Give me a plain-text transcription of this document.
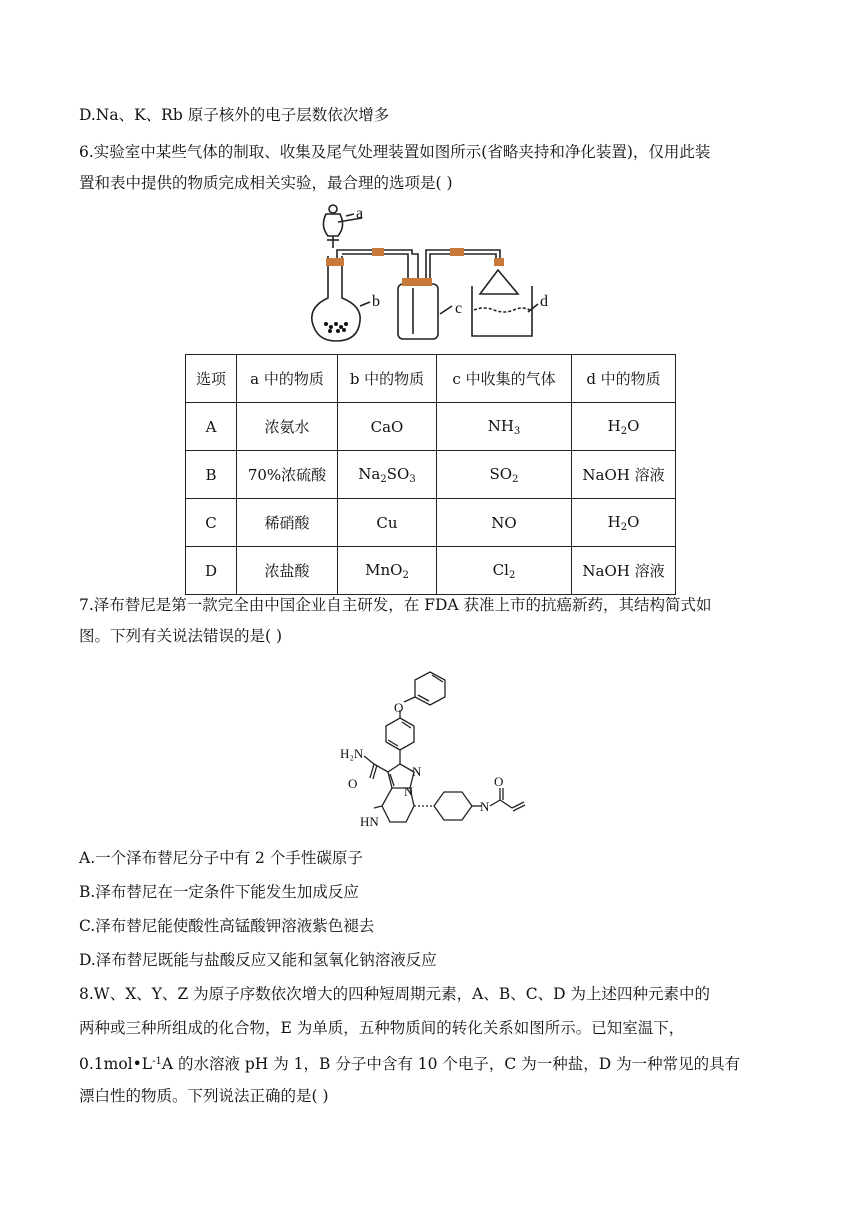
D.Na、K、Rb 原子核外的电子层数依次增多
6.实验室中某些气体的制取、收集及尾气处理装置如图所示(省略夹持和净化装置)，仅用此装
置和表中提供的物质完成相关实验，最合理的选项是( )
a
b	c	d
选项	a 中的物质	b 中的物质	c 中收集的气体	d 中的物质
A	浓氨水	CaO	$NH_3$	$H_2O$
B	70%浓硫酸	$Na_2SO_3$	$SO_2$	NaOH 溶液
C	稀硝酸	Cu	NO	$H_2O$
D	浓盐酸	MnO$_2$	$Cl_2$	NaOH 溶液
7.泽布替尼是第一款完全由中国企业自主研发，在 FDA 获准上市的抗癌新药，其结构简式如
图。下列有关说法错误的是( )
O
H₂N
O
N
N
HN
N
O
A.一个泽布替尼分子中有 2 个手性碳原子
B.泽布替尼在一定条件下能发生加成反应
C.泽布替尼能使酸性高锰酸钾溶液紫色褪去
D.泽布替尼既能与盐酸反应又能和氢氧化钠溶液反应
8.W、X、Y、Z 为原子序数依次增大的四种短周期元素，A、B、C、D 为上述四种元素中的
两种或三种所组成的化合物，E 为单质，五种物质间的转化关系如图所示。已知室温下，
$0.1mol•L^{-1}A$ 的水溶液 pH 为 1，B 分子中含有 10 个电子，C 为一种盐，D 为一种常见的具有
漂白性的物质。下列说法正确的是( )
